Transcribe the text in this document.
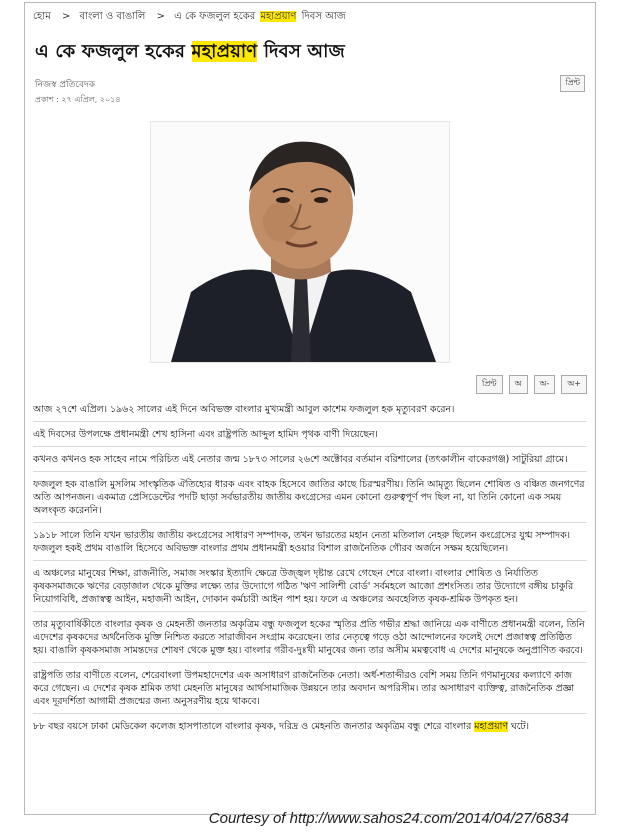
হোম > বাংলা ও বাঙালি > এ কে ফজলুল হকের মহাপ্রয়াণ দিবস আজ
এ কে ফজলুল হকের মহাপ্রয়াণ দিবস আজ
নিজস্ব প্রতিবেদক
প্রকাশ : ২৭ এপ্রিল, ২০১৪
প্রিন্ট
প্রিন্ট	অ	অ-	অ+

আজ ২৭শে এপ্রিল। ১৯৬২ সালের এই দিনে অবিভক্ত বাংলার মুখ্যমন্ত্রী আবুল কাশেম ফজলুল হক মৃত্যুবরণ করেন।

এই দিবসের উপলক্ষে প্রধানমন্ত্রী শেখ হাসিনা এবং রাষ্ট্রপতি আব্দুল হামিদ পৃথক বাণী দিয়েছেন।

কখনও কখনও হক সাহেব নামে পরিচিত এই নেতার জন্ম ১৮৭৩ সালের ২৬শে অক্টোবর বর্তমান বরিশালের (তৎকালীন বাকেরগঞ্জ) সাটুরিয়া গ্রামে।

ফজলুল হক বাঙালি মুসলিম সাংস্কৃতিক ঐতিহ্যের ধারক এবং বাহক হিসেবে জাতির কাছে চিরস্মরণীয়। তিনি আমৃত্যু ছিলেন শোষিত ও বঞ্চিত জনগণের অতি আপনজন। একমাত্র প্রেসিডেন্টের পদটি ছাড়া সর্বভারতীয় জাতীয় কংগ্রেসের এমন কোনো গুরুত্বপূর্ণ পদ ছিল না, যা তিনি কোনো এক সময় অলংকৃত করেননি।

১৯১৮ সালে তিনি যখন ভারতীয় জাতীয় কংগ্রেসের সাধারণ সম্পাদক, তখন ভারতের মহান নেতা মতিলাল নেহরু ছিলেন কংগ্রেসের যুগ্ম সম্পাদক। ফজলুল হকই প্রথম বাঙালি হিসেবে অবিভক্ত বাংলার প্রথম প্রধানমন্ত্রী হওয়ার বিশাল রাজনৈতিক গৌরব অর্জনে সক্ষম হয়েছিলেন।

এ অঞ্চলের মানুষের শিক্ষা, রাজনীতি, সমাজ সংস্কার ইত্যাদি ক্ষেত্রে উজ্জ্বল দৃষ্টান্ত রেখে গেছেন শেরে বাংলা। বাংলার শোষিত ও নির্যাতিত কৃষকসমাজকে ঋণের বেড়াজাল থেকে মুক্তির লক্ষ্যে তার উদ্যোগে গঠিত 'ঋণ সালিশী বোর্ড' সর্বমহলে আজো প্রশংসিত। তার উদ্যোগে বঙ্গীয় চাকুরি নিয়োগবিধি, প্রজাস্বত্ব আইন, মহাজনী আইন, দোকান কর্মচারী আইন পাশ হয়। ফলে এ অঞ্চলের অবহেলিত কৃষক-শ্রমিক উপকৃত হন।

তার মৃত্যুবার্ষিকীতে বাংলার কৃষক ও মেহনতী জনতার অকৃত্রিম বন্ধু ফজলুল হকের স্মৃতির প্রতি গভীর শ্রদ্ধা জানিয়ে এক বাণীতে প্রধানমন্ত্রী বলেন, তিনি এদেশের কৃষকদের অর্থনৈতিক মুক্তি নিশ্চিত করতে সারাজীবন সংগ্রাম করেছেন। তার নেতৃত্বে গড়ে ওঠা আন্দোলনের ফলেই দেশে প্রজাস্বত্ব প্রতিষ্ঠিত হয়। বাঙালি কৃষকসমাজ সামন্তদের শোষণ থেকে মুক্ত হয়। বাংলার গরীব-দুঃখী মানুষের জন্য তার অসীম মমত্ববোধ এ দেশের মানুষকে অনুপ্রাণিত করবে।

রাষ্ট্রপতি তার বাণীতে বলেন, শেরেবাংলা উপমহাদেশের এক অসাধারণ রাজনৈতিক নেতা। অর্ধ-শতাব্দীরও বেশি সময় তিনি গণমানুষের কল্যাণে কাজ করে গেছেন। এ দেশের কৃষক শ্রমিক তথা মেহনতি মানুষের আর্থসামাজিক উন্নয়নে তার অবদান অপরিসীম। তার অসাধারণ ব্যক্তিত্ব, রাজনৈতিক প্রজ্ঞা এবং দূরদর্শিতা আগামী প্রজন্মের জন্য অনুসরণীয় হয়ে থাকবে।

৮৮ বছর বয়সে ঢাকা মেডিকেল কলেজ হাসপাতালে বাংলার কৃষক, দরিদ্র ও মেহনতি জনতার অকৃত্রিম বন্ধু শেরে বাংলার মহাপ্রয়াণ ঘটে।

Courtesy of http://www.sahos24.com/2014/04/27/6834
